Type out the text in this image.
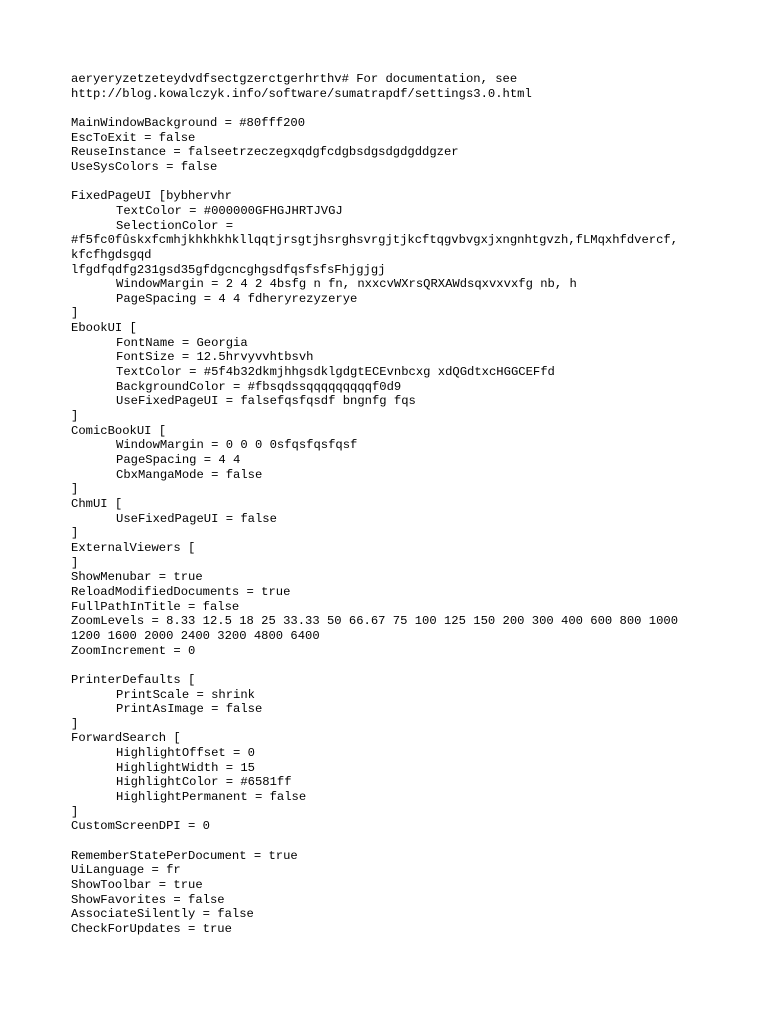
aeryeryzetzeteydvdfsectgzerctgerhrthv# For documentation, see
http://blog.kowalczyk.info/software/sumatrapdf/settings3.0.html
MainWindowBackground = #80fff200
EscToExit = false
ReuseInstance = falseetrzeczegxqdgfcdgbsdgsdgdgddgzer
UseSysColors = false
FixedPageUI [bybhervhr
TextColor = #000000GFHGJHRTJVGJ
SelectionColor =
#f5fc0fûskxfcmhjkhkhkhkllqqtjrsgtjhsrghsvrgjtjkcftqgvbvgxjxngnhtgvzh,fLMqxhfdvercf,
kfcfhgdsgqd
lfgdfqdfg231gsd35gfdgcncghgsdfqsfsfsFhjgjgj
WindowMargin = 2 4 2 4bsfg n fn, nxxcvWXrsQRXAWdsqxvxvxfg nb, h
PageSpacing = 4 4 fdheryrezyzerye
]
EbookUI [
FontName = Georgia
FontSize = 12.5hrvyvvhtbsvh
TextColor = #5f4b32dkmjhhgsdklgdgtECEvnbcxg xdQGdtxcHGGCEFfd
BackgroundColor = #fbsqdssqqqqqqqqqf0d9
UseFixedPageUI = falsefqsfqsdf bngnfg fqs
]
ComicBookUI [
WindowMargin = 0 0 0 0sfqsfqsfqsf
PageSpacing = 4 4
CbxMangaMode = false
]
ChmUI [
UseFixedPageUI = false
]
ExternalViewers [
]
ShowMenubar = true
ReloadModifiedDocuments = true
FullPathInTitle = false
ZoomLevels = 8.33 12.5 18 25 33.33 50 66.67 75 100 125 150 200 300 400 600 800 1000
1200 1600 2000 2400 3200 4800 6400
ZoomIncrement = 0
PrinterDefaults [
PrintScale = shrink
PrintAsImage = false
]
ForwardSearch [
HighlightOffset = 0
HighlightWidth = 15
HighlightColor = #6581ff
HighlightPermanent = false
]
CustomScreenDPI = 0
RememberStatePerDocument = true
UiLanguage = fr
ShowToolbar = true
ShowFavorites = false
AssociateSilently = false
CheckForUpdates = true
